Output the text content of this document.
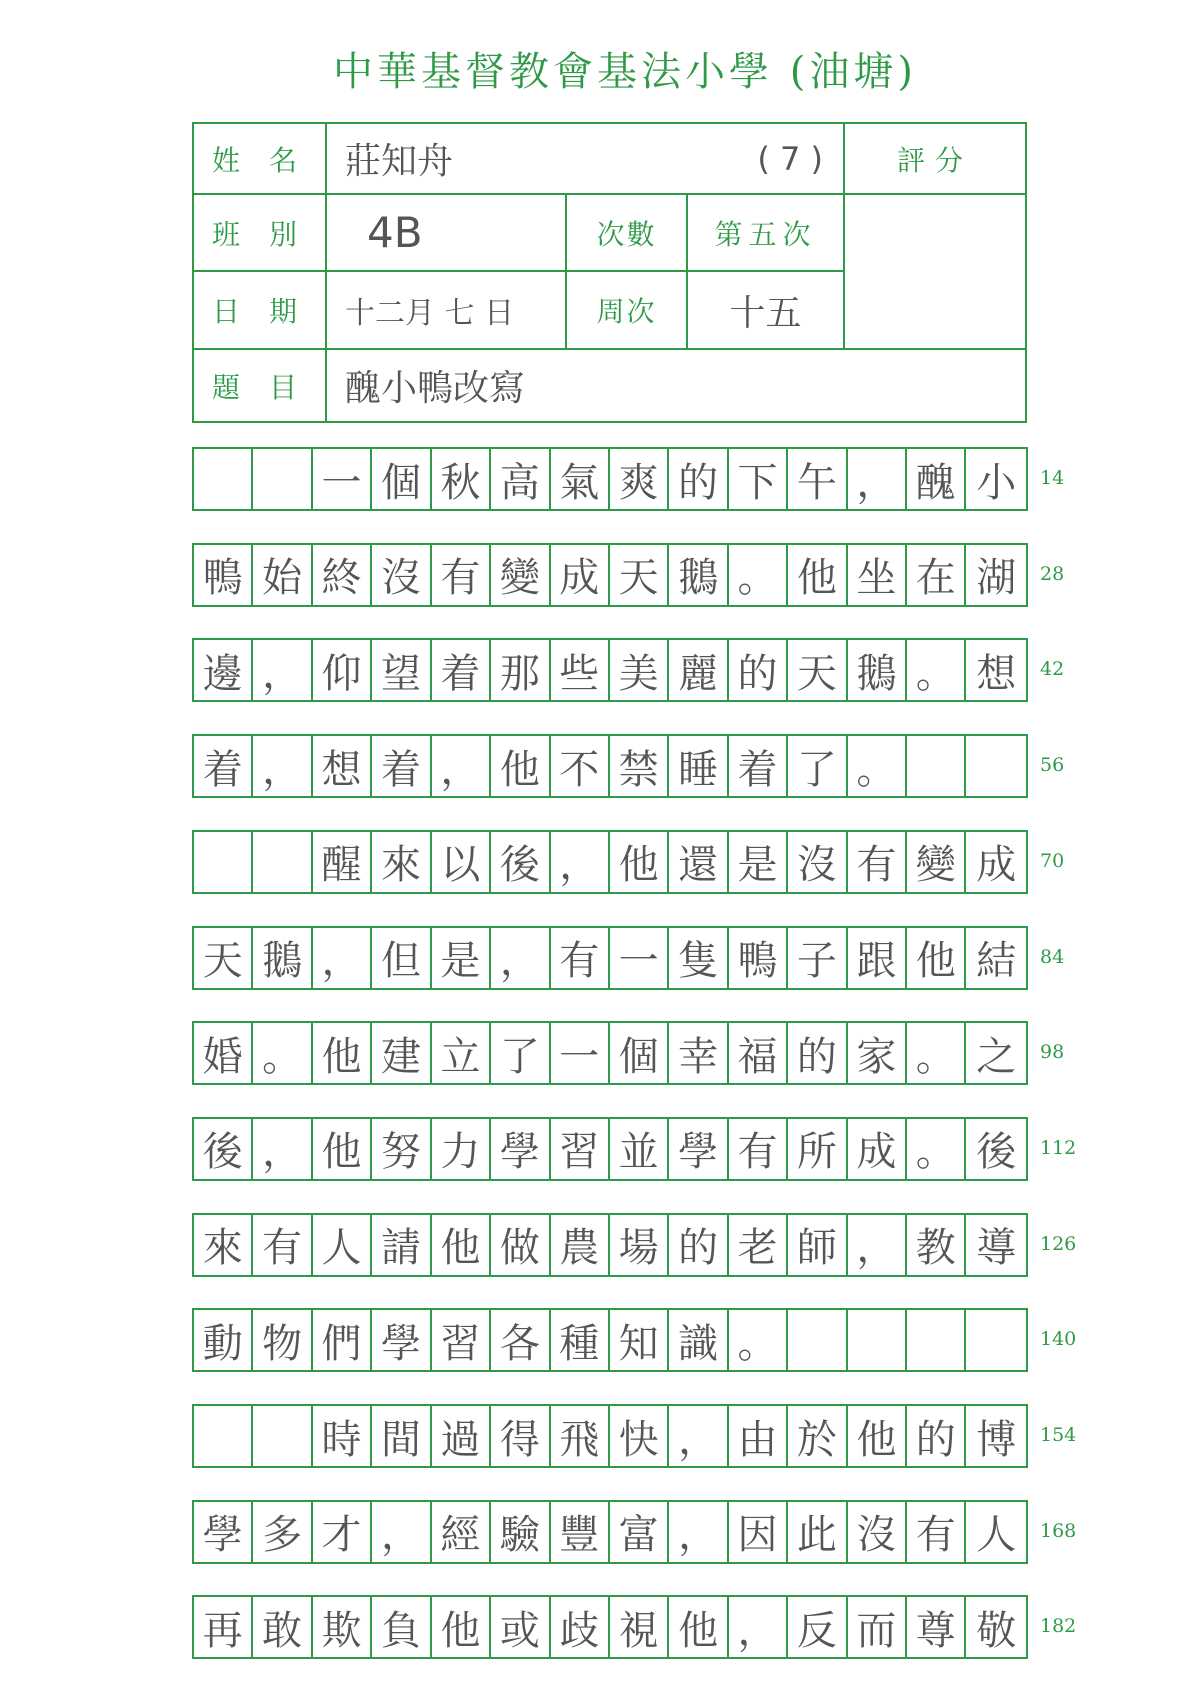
中華基督教會基法小學 (油塘)
姓 名	莊知舟	( 7 )	評分
班 別	4B	次數	第五次
日 期	十二月 七 日	周次	十五
題 目	醜小鴨改寫
一 個 秋 高 氣 爽 的 下 午 ， 醜 小	14
鴨 始 終 沒 有 變 成 天 鵝 。 他 坐 在 湖	28
邊 ， 仰 望 着 那 些 美 麗 的 天 鵝 。 想	42
着 ， 想 着 ， 他 不 禁 睡 着 了 。	56
醒 來 以 後 ， 他 還 是 沒 有 變 成	70
天 鵝 ， 但 是 ， 有 一 隻 鴨 子 跟 他 結	84
婚 。 他 建 立 了 一 個 幸 福 的 家 。 之	98
後 ， 他 努 力 學 習 並 學 有 所 成 。 後	112
來 有 人 請 他 做 農 場 的 老 師 ， 教 導	126
動 物 們 學 習 各 種 知 識 。	140
時 間 過 得 飛 快 ， 由 於 他 的 博	154
學 多 才 ， 經 驗 豐 富 ， 因 此 沒 有 人	168
再 敢 欺 負 他 或 歧 視 他 ， 反 而 尊 敬	182
